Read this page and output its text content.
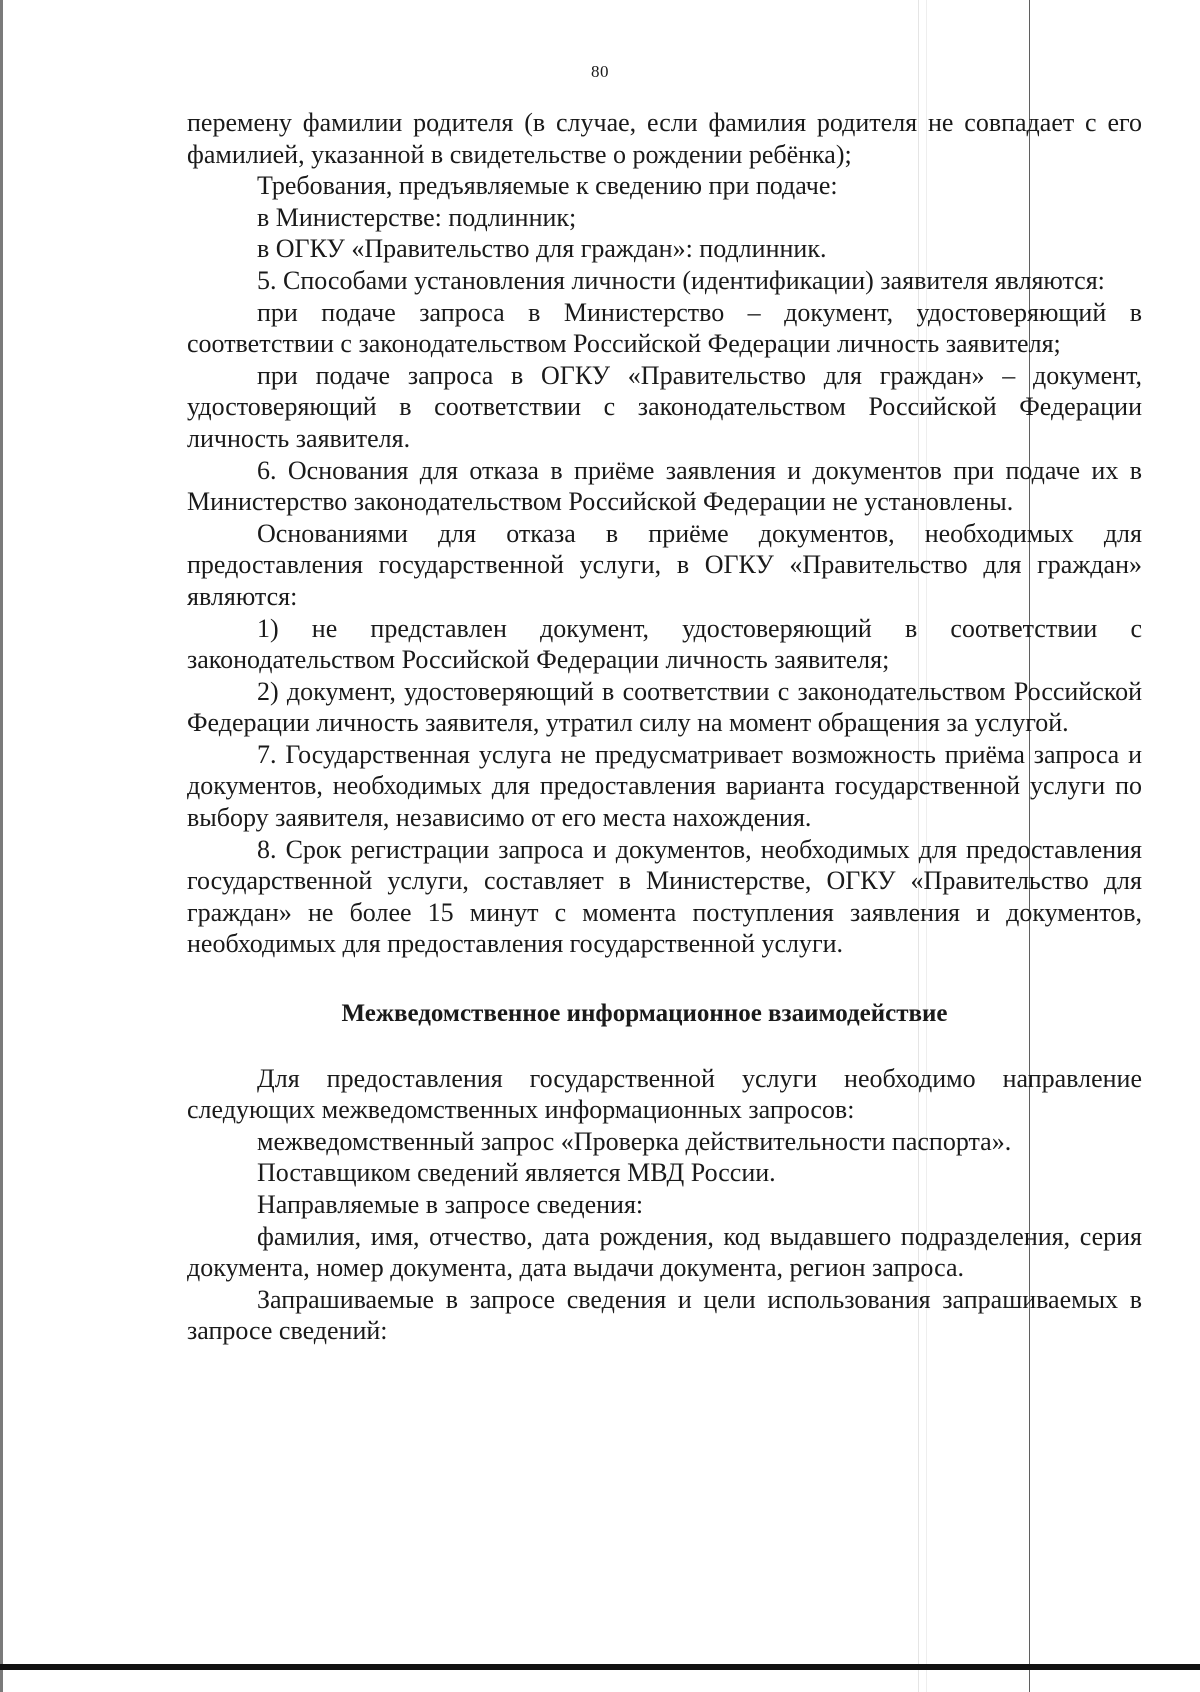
80

перемену фамилии родителя (в случае, если фамилия родителя не совпадает с его фамилией, указанной в свидетельстве о рождении ребёнка);

Требования, предъявляемые к сведению при подаче:

в Министерстве: подлинник;

в ОГКУ «Правительство для граждан»: подлинник.

5. Способами установления личности (идентификации) заявителя являются:

при подаче запроса в Министерство – документ, удостоверяющий в соответствии с законодательством Российской Федерации личность заявителя;

при подаче запроса в ОГКУ «Правительство для граждан» – документ, удостоверяющий в соответствии с законодательством Российской Федерации личность заявителя.

6. Основания для отказа в приёме заявления и документов при подаче их в Министерство законодательством Российской Федерации не установлены.

Основаниями для отказа в приёме документов, необходимых для предоставления государственной услуги, в ОГКУ «Правительство для граждан» являются:

1) не представлен документ, удостоверяющий в соответствии с законодательством Российской Федерации личность заявителя;

2) документ, удостоверяющий в соответствии с законодательством Российской Федерации личность заявителя, утратил силу на момент обращения за услугой.

7. Государственная услуга не предусматривает возможность приёма запроса и документов, необходимых для предоставления варианта государственной услуги по выбору заявителя, независимо от его места нахождения.

8. Срок регистрации запроса и документов, необходимых для предоставления государственной услуги, составляет в Министерстве, ОГКУ «Правительство для граждан» не более 15 минут с момента поступления заявления и документов, необходимых для предоставления государственной услуги.

Межведомственное информационное взаимодействие

Для предоставления государственной услуги необходимо направление следующих межведомственных информационных запросов:

межведомственный запрос «Проверка действительности паспорта».

Поставщиком сведений является МВД России.

Направляемые в запросе сведения:

фамилия, имя, отчество, дата рождения, код выдавшего подразделения, серия документа, номер документа, дата выдачи документа, регион запроса.

Запрашиваемые в запросе сведения и цели использования запрашиваемых в запросе сведений:
